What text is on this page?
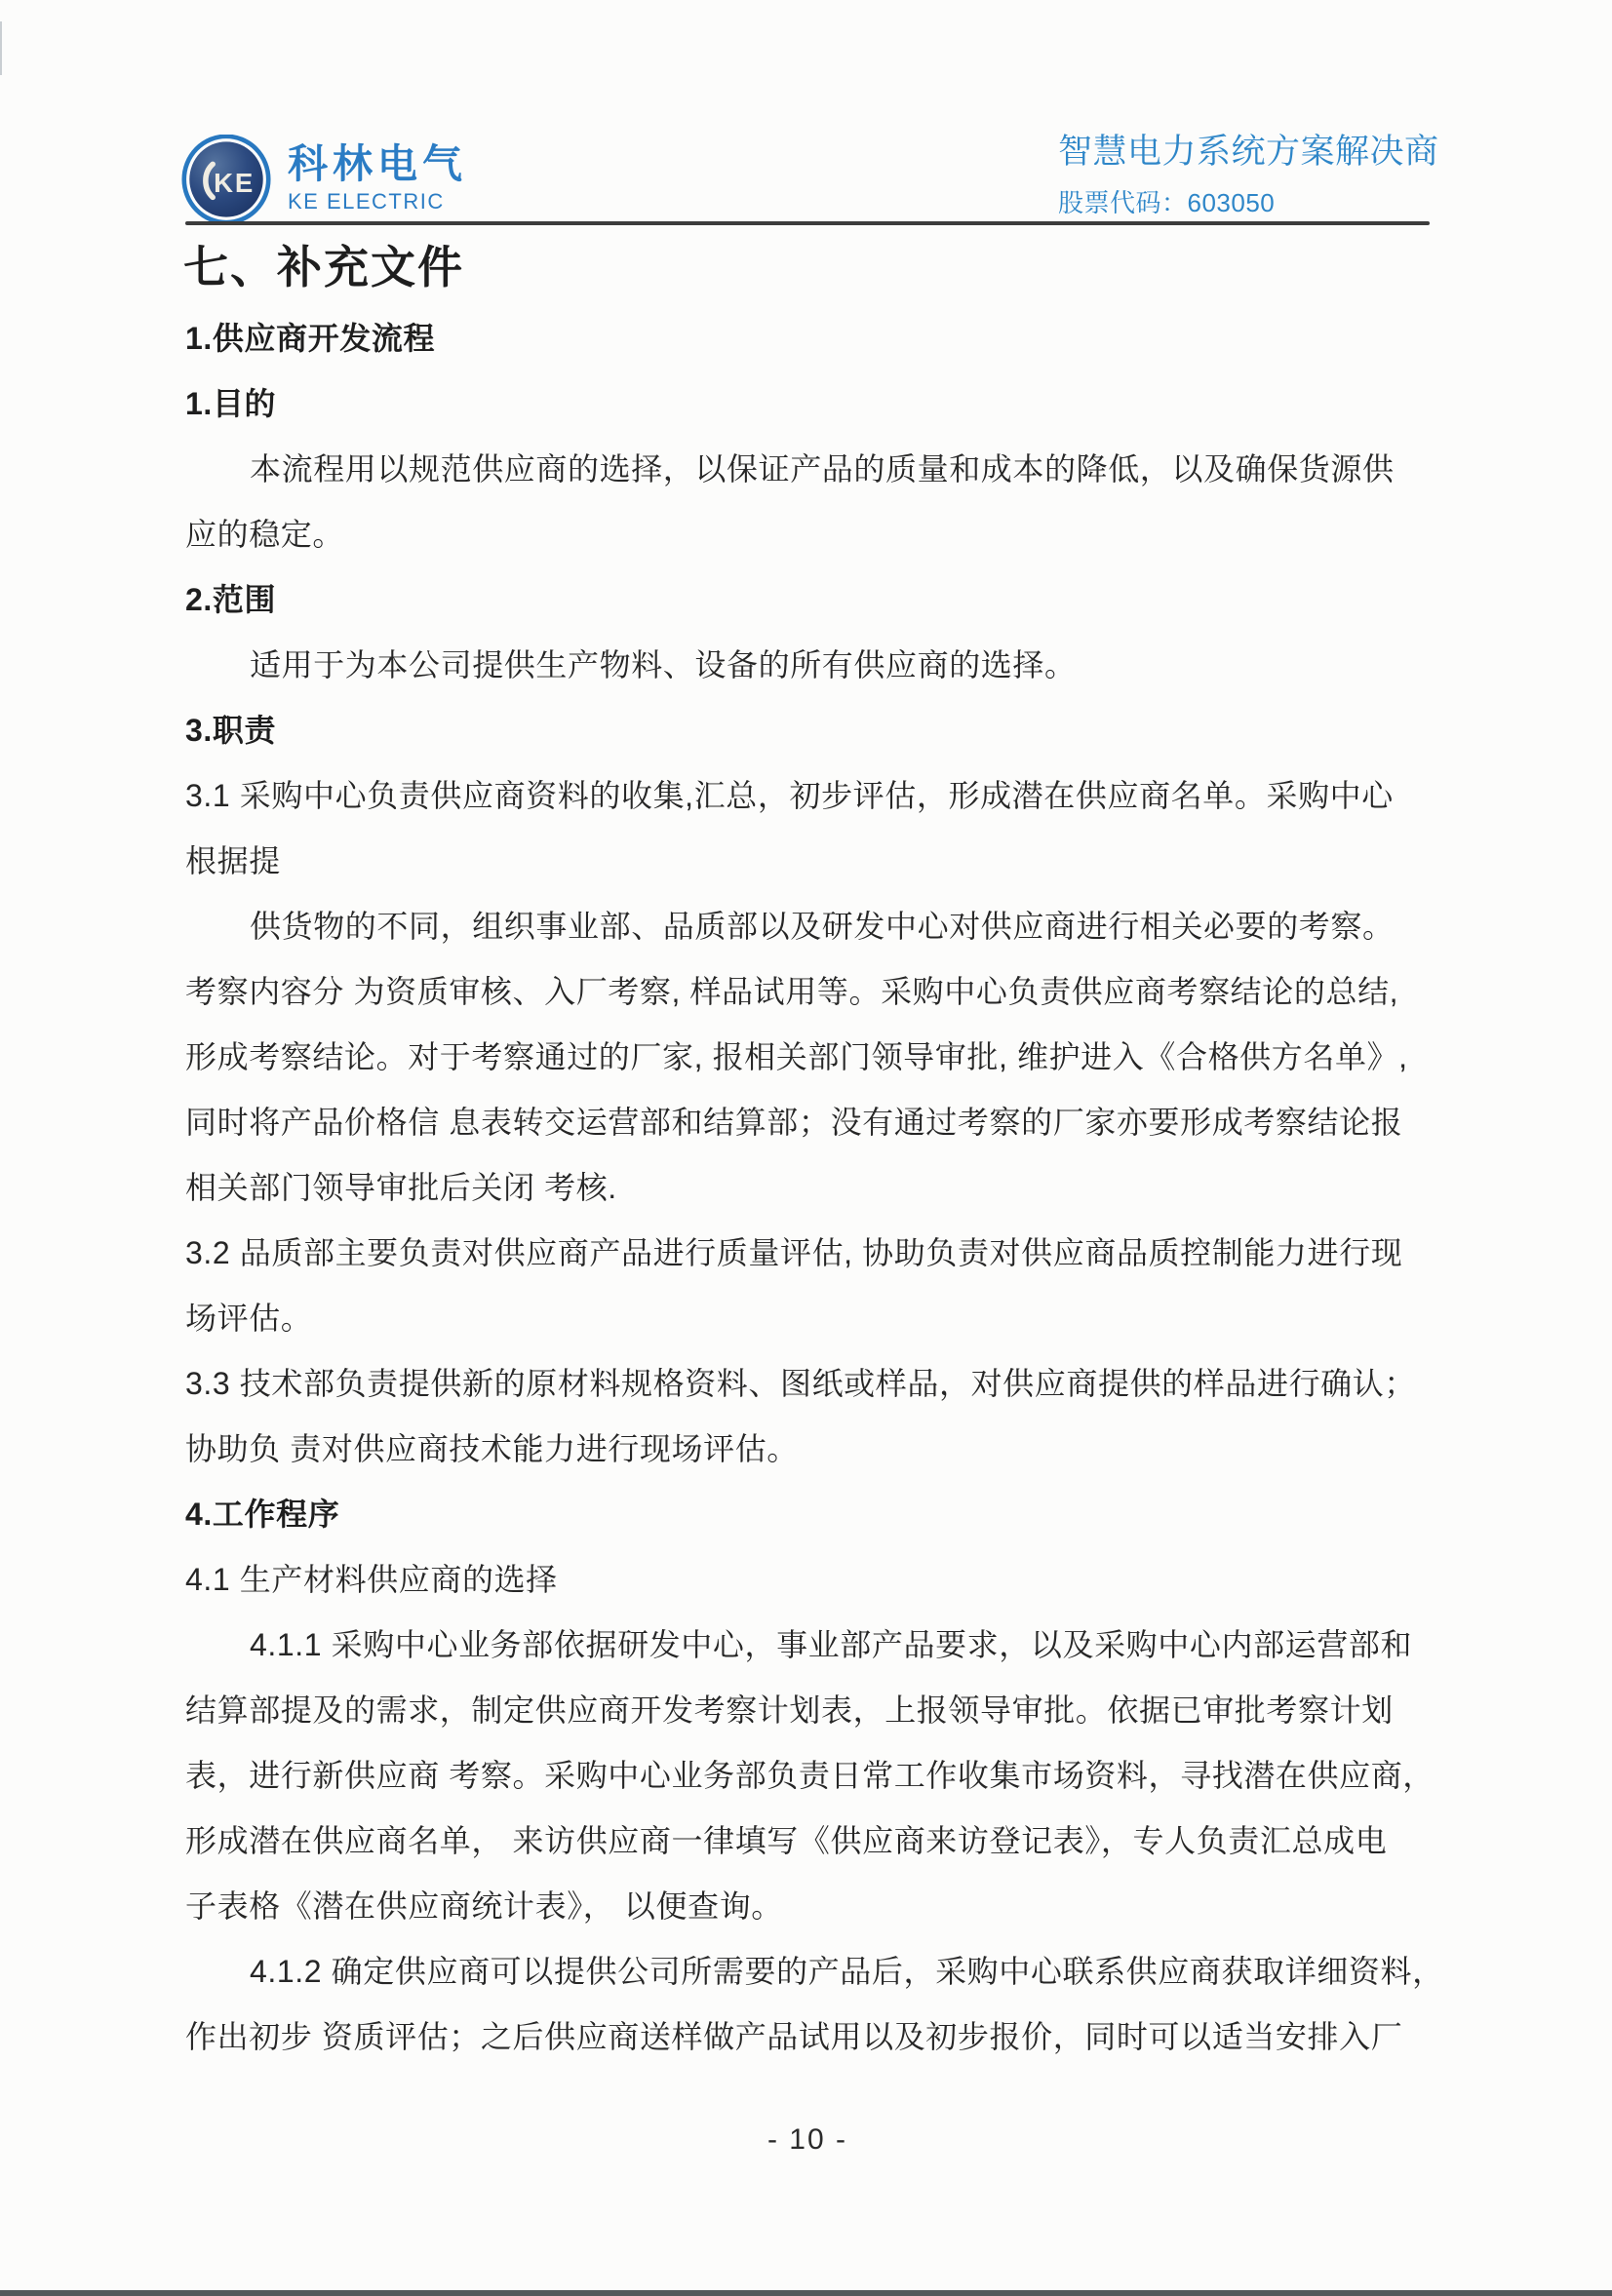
KE 科林电气
KE ELECTRIC
智慧电力系统方案解决商
股票代码：603050
七、补充文件
1.供应商开发流程
1.目的
本流程用以规范供应商的选择，以保证产品的质量和成本的降低，以及确保货源供
应的稳定。
2.范围
适用于为本公司提供生产物料、设备的所有供应商的选择。
3.职责
3.1 采购中心负责供应商资料的收集,汇总，初步评估，形成潜在供应商名单。采购中心
根据提
供货物的不同，组织事业部、品质部以及研发中心对供应商进行相关必要的考察。
考察内容分 为资质审核、入厂考察, 样品试用等。采购中心负责供应商考察结论的总结,
形成考察结论。对于考察通过的厂家, 报相关部门领导审批, 维护进入《合格供方名单》,
同时将产品价格信 息表转交运营部和结算部；没有通过考察的厂家亦要形成考察结论报
相关部门领导审批后关闭 考核.
3.2 品质部主要负责对供应商产品进行质量评估, 协助负责对供应商品质控制能力进行现
场评估。
3.3 技术部负责提供新的原材料规格资料、图纸或样品，对供应商提供的样品进行确认；
协助负 责对供应商技术能力进行现场评估。
4.工作程序
4.1 生产材料供应商的选择
4.1.1 采购中心业务部依据研发中心，事业部产品要求，以及采购中心内部运营部和
结算部提及的需求，制定供应商开发考察计划表，上报领导审批。依据已审批考察计划
表，进行新供应商 考察。采购中心业务部负责日常工作收集市场资料，寻找潜在供应商，
形成潜在供应商名单， 来访供应商一律填写《供应商来访登记表》，专人负责汇总成电
子表格《潜在供应商统计表》， 以便查询。
4.1.2 确定供应商可以提供公司所需要的产品后，采购中心联系供应商获取详细资料，
作出初步 资质评估；之后供应商送样做产品试用以及初步报价，同时可以适当安排入厂
- 10 -
